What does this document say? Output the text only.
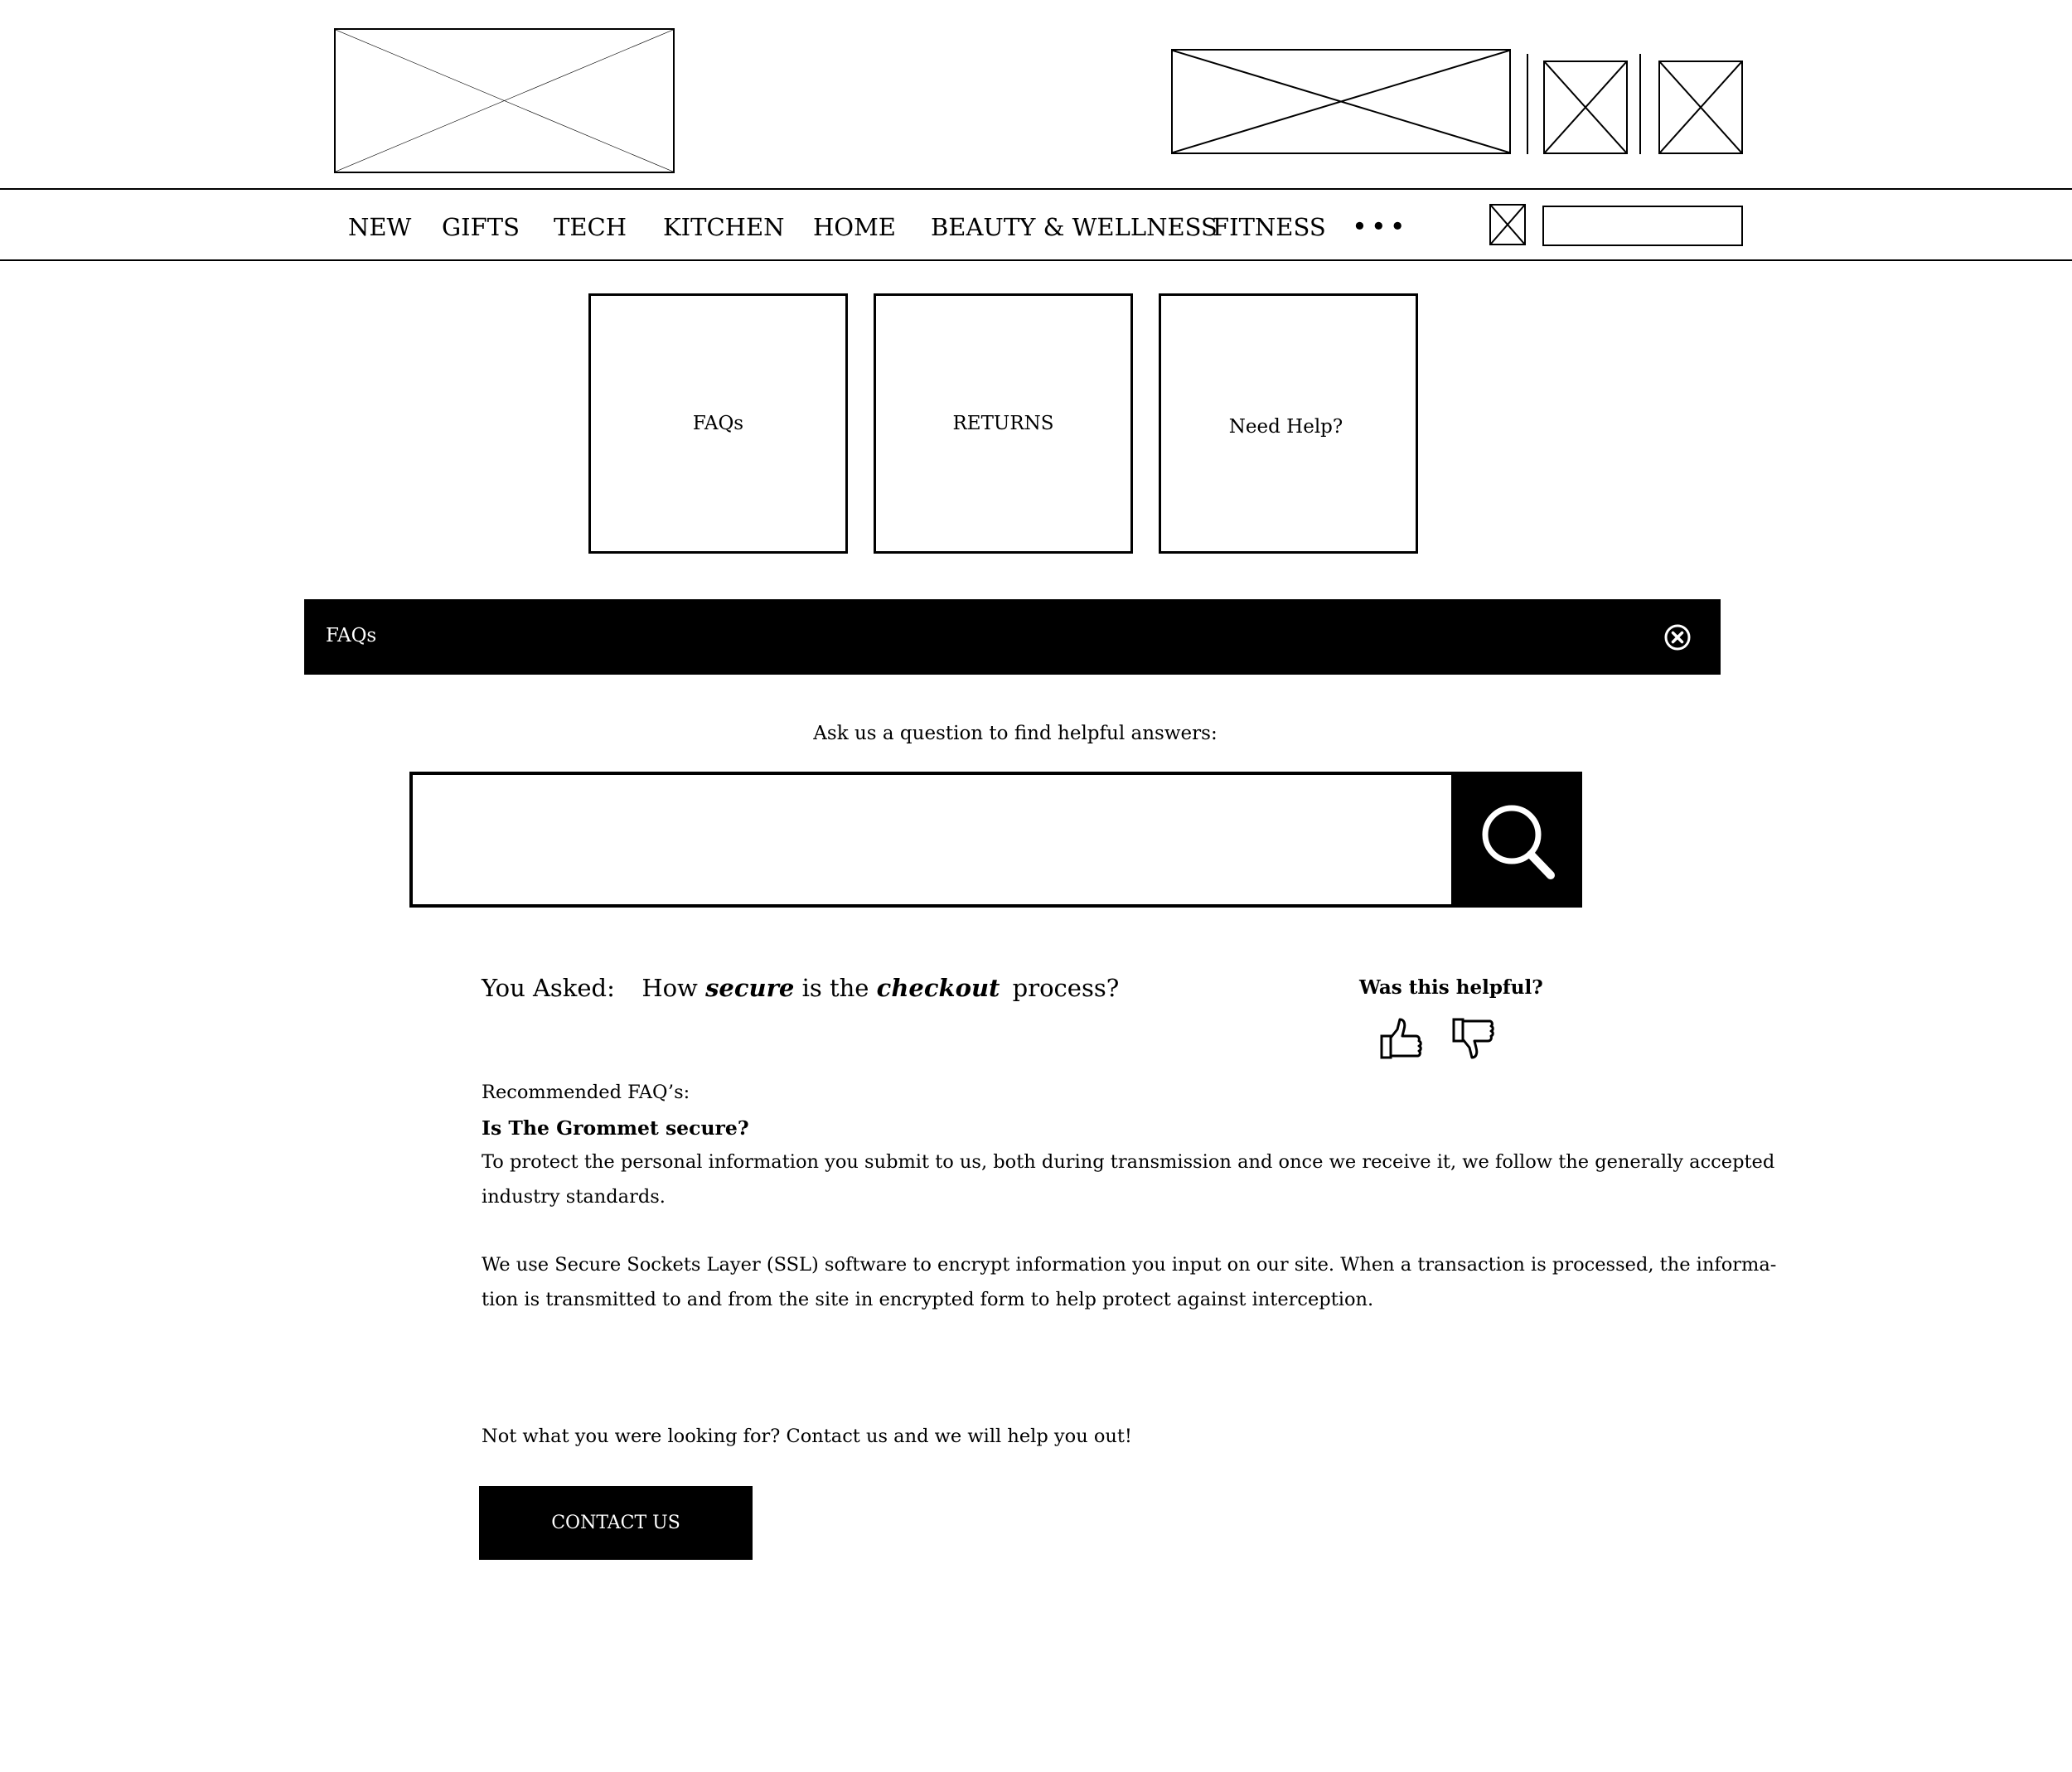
NEW GIFTS TECH KITCHEN HOME BEAUTY & WELLNESS
FITNESS •••
FAQs	RETURNS	Need Help?
FAQs
Ask us a question to find helpful answers:
You Asked: How secure is the checkout process?	Was this helpful?
Recommended FAQ’s:
Is The Grommet secure?
To protect the personal information you submit to us, both during transmission and once we receive it, we follow the generally accepted
industry standards.
We use Secure Sockets Layer (SSL) software to encrypt information you input on our site. When a transaction is processed, the informa-
tion is transmitted to and from the site in encrypted form to help protect against interception.
Not what you were looking for? Contact us and we will help you out!
CONTACT US
